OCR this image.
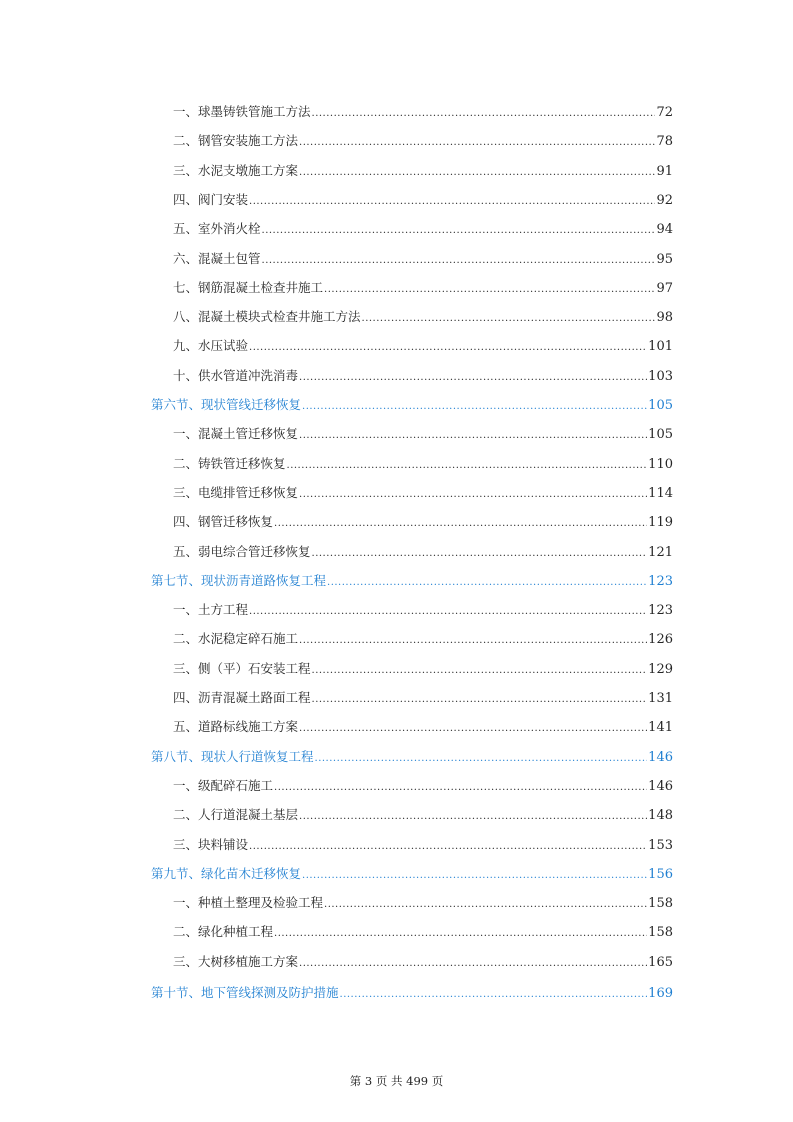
一、球墨铸铁管施工方法 .....	72
二、钢管安装施工方法 .....	78
三、水泥支墩施工方案 .....	91
四、阀门安装 .....	92
五、室外消火栓 .....	94
六、混凝土包管 .....	95
七、钢筋混凝土检查井施工 .....	97
八、混凝土模块式检查井施工方法 .....	98
九、水压试验 .....	101
十、供水管道冲洗消毒 .....	103
第六节、现状管线迁移恢复 .....	105
一、混凝土管迁移恢复 .....	105
二、铸铁管迁移恢复 .....	110
三、电缆排管迁移恢复 .....	114
四、钢管迁移恢复 .....	119
五、弱电综合管迁移恢复 .....	121
第七节、现状沥青道路恢复工程 .....	123
一、土方工程 .....	123
二、水泥稳定碎石施工 .....	126
三、侧（平）石安装工程 .....	129
四、沥青混凝土路面工程 .....	131
五、道路标线施工方案 .....	141
第八节、现状人行道恢复工程 .....	146
一、级配碎石施工 .....	146
二、人行道混凝土基层 .....	148
三、块料铺设 .....	153
第九节、绿化苗木迁移恢复 .....	156
一、种植土整理及检验工程 .....	158
二、绿化种植工程 .....	158
三、大树移植施工方案 .....	165
第十节、地下管线探测及防护措施 .....	169
第 3 页 共 499 页
